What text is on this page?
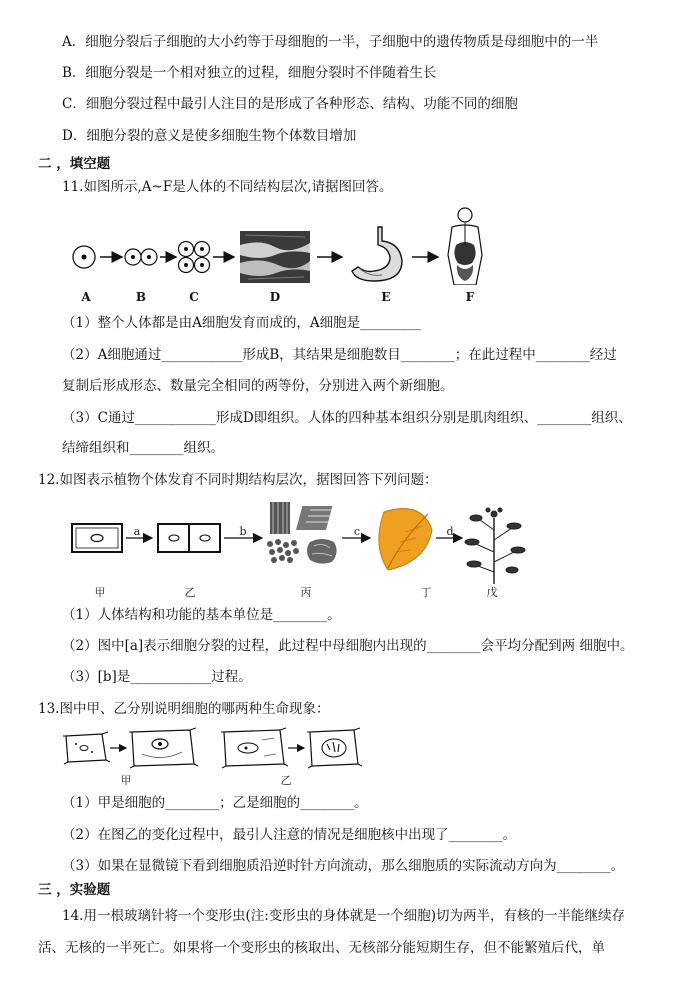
A．细胞分裂后子细胞的大小约等于母细胞的一半，子细胞中的遗传物质是母细胞中的一半
B．细胞分裂是一个相对独立的过程，细胞分裂时不伴随着生长
C．细胞分裂过程中最引人注目的是形成了各种形态、结构、功能不同的细胞
D．细胞分裂的意义是使多细胞生物个体数目增加
二 ，填空题
11.如图所示,A~F是人体的不同结构层次,请据图回答。
A	B	C	D	E	F
（1）整个人体都是由A细胞发育而成的，A细胞是_________
（2）A细胞通过____________形成B，其结果是细胞数目________；在此过程中________经过
复制后形成形态、数量完全相同的两等份，分别进入两个新细胞。
（3）C通过____________形成D即组织。人体的四种基本组织分别是肌肉组织、________组织、
结缔组织和________组织。
12.如图表示植物个体发育不同时期结构层次，据图回答下列问题：
a	b	c	d
甲	乙	丙	丁	戊
（1）人体结构和功能的基本单位是________。
（2）图中[a]表示细胞分裂的过程，此过程中母细胞内出现的________会平均分配到两 细胞中。
（3）[b]是____________过程。
13.图中甲、乙分别说明细胞的哪两种生命现象：
甲	乙
（1）甲是细胞的________；乙是细胞的________。
（2）在图乙的变化过程中，最引人注意的情况是细胞核中出现了________。
（3）如果在显微镜下看到细胞质沿逆时针方向流动，那么细胞质的实际流动方向为________。
三 ，实验题
14.用一根玻璃针将一个变形虫(注:变形虫的身体就是一个细胞)切为两半，有核的一半能继续存
活、无核的一半死亡。如果将一个变形虫的核取出、无核部分能短期生存，但不能繁殖后代，单
